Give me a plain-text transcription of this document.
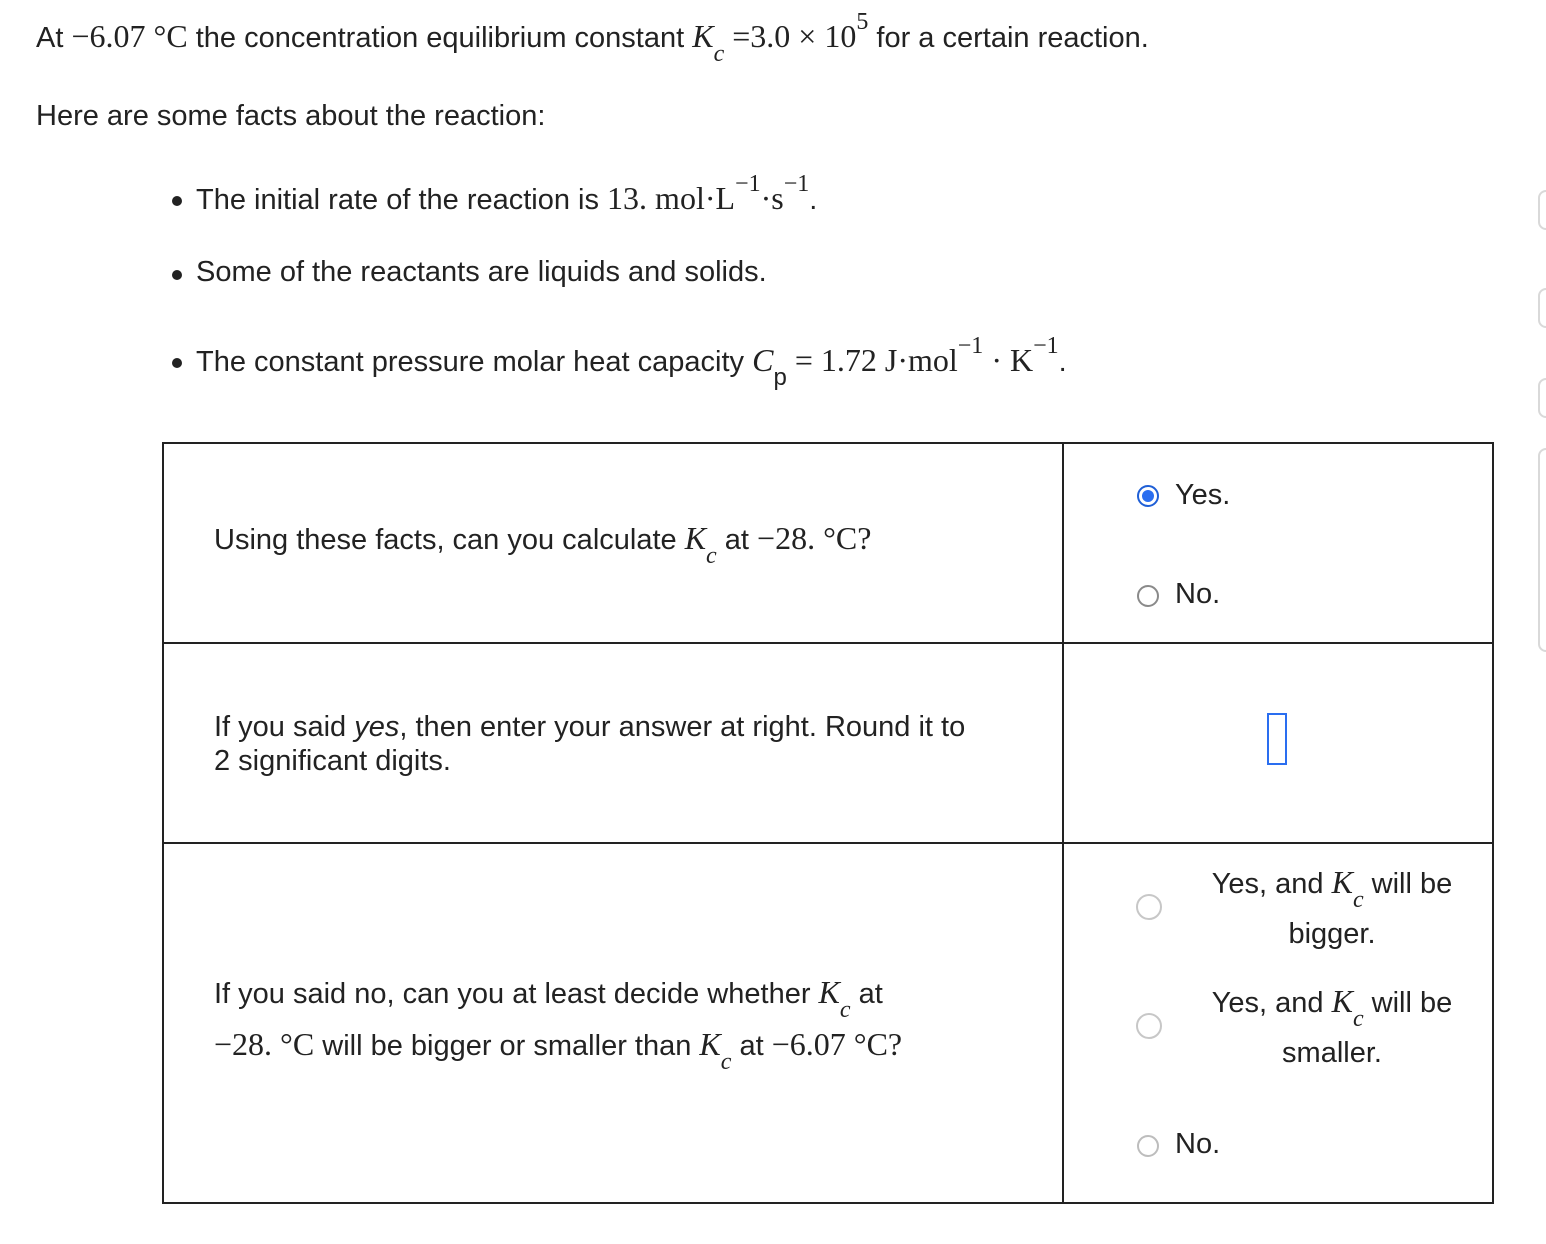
At −6.07 °C the concentration equilibrium constant $K_c =3.0 \times 10^5$ for a certain reaction.
Here are some facts about the reaction:
The initial rate of the reaction is 13. $mol\cdot L^{-1}\cdot s^{-1}$.
Some of the reactants are liquids and solids.
The constant pressure molar heat capacity $C_p = 1.72$ $J\cdot mol^{-1} \cdot K^{-1}$.
Using these facts, can you calculate $K_c$ at −28. °C?
Yes.
No.
If you said yes, then enter your answer at right. Round it to
2 significant digits.
If you said no, can you at least decide whether $K_c$ at
−28. °C will be bigger or smaller than $K_c$ at −6.07 °C?
Yes, and $K_c$ will be
bigger.
Yes, and $K_c$ will be
smaller.
No.
